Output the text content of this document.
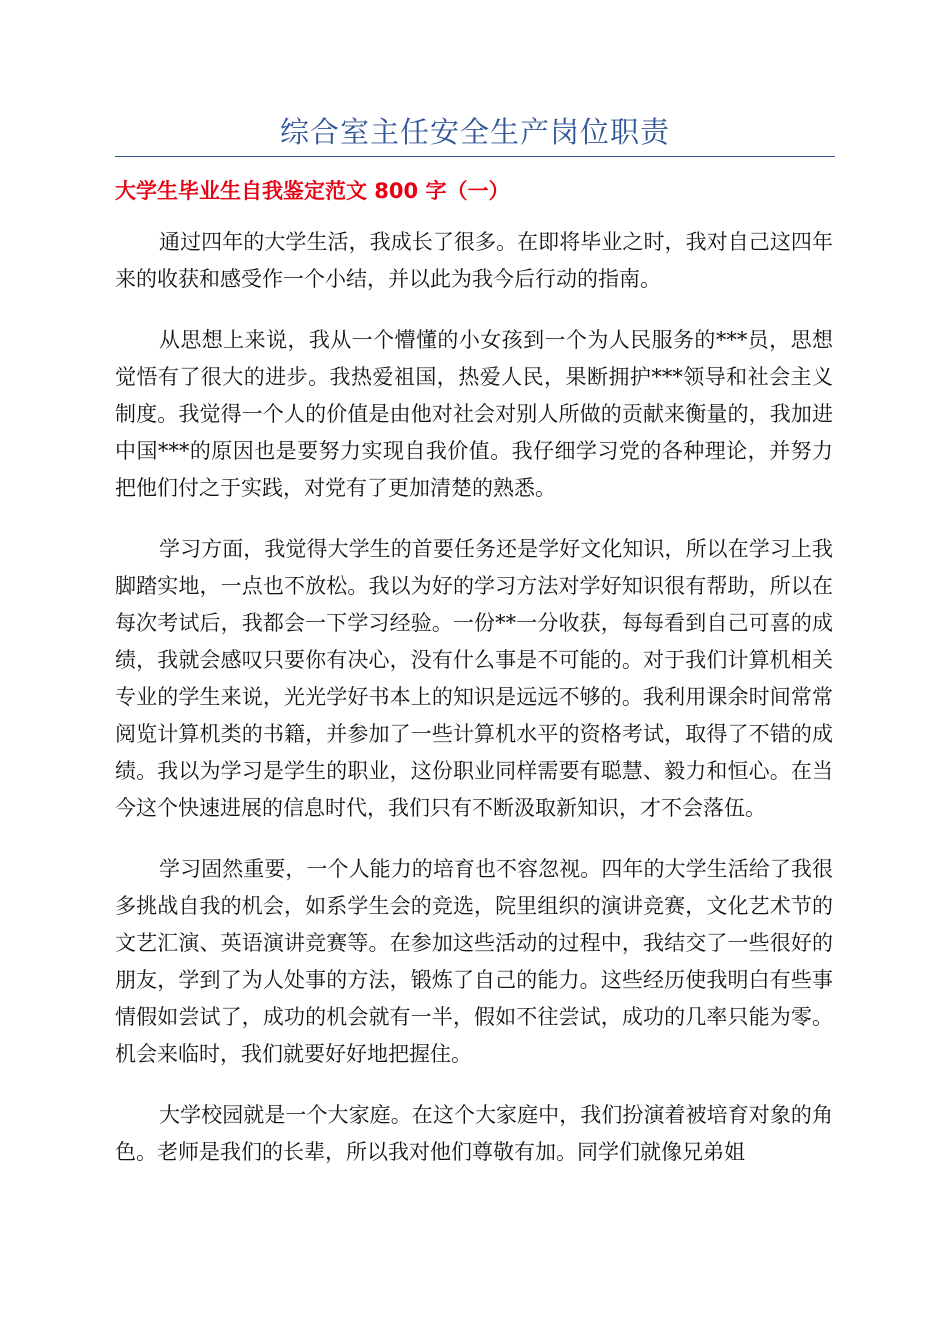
综合室主任安全生产岗位职责
大学生毕业生自我鉴定范文 800 字（一）

通过四年的大学生活，我成长了很多。在即将毕业之时，我对自己这四年来的收获和感受作一个小结，并以此为我今后行动的指南。

从思想上来说，我从一个懵懂的小女孩到一个为人民服务的***员，思想觉悟有了很大的进步。我热爱祖国，热爱人民，果断拥护***领导和社会主义制度。我觉得一个人的价值是由他对社会对别人所做的贡献来衡量的，我加进中国***的原因也是要努力实现自我价值。我仔细学习党的各种理论，并努力把他们付之于实践，对党有了更加清楚的熟悉。

学习方面，我觉得大学生的首要任务还是学好文化知识，所以在学习上我脚踏实地，一点也不放松。我以为好的学习方法对学好知识很有帮助，所以在每次考试后，我都会一下学习经验。一份**一分收获，每每看到自己可喜的成绩，我就会感叹只要你有决心，没有什么事是不可能的。对于我们计算机相关专业的学生来说，光光学好书本上的知识是远远不够的。我利用课余时间常常阅览计算机类的书籍，并参加了一些计算机水平的资格考试，取得了不错的成绩。我以为学习是学生的职业，这份职业同样需要有聪慧、毅力和恒心。在当今这个快速进展的信息时代，我们只有不断汲取新知识，才不会落伍。

学习固然重要，一个人能力的培育也不容忽视。四年的大学生活给了我很多挑战自我的机会，如系学生会的竞选，院里组织的演讲竞赛，文化艺术节的文艺汇演、英语演讲竞赛等。在参加这些活动的过程中，我结交了一些很好的朋友，学到了为人处事的方法，锻炼了自己的能力。这些经历使我明白有些事情假如尝试了，成功的机会就有一半，假如不往尝试，成功的几率只能为零。机会来临时，我们就要好好地把握住。

大学校园就是一个大家庭。在这个大家庭中，我们扮演着被培育对象的角色。老师是我们的长辈，所以我对他们尊敬有加。同学们就像兄弟姐
